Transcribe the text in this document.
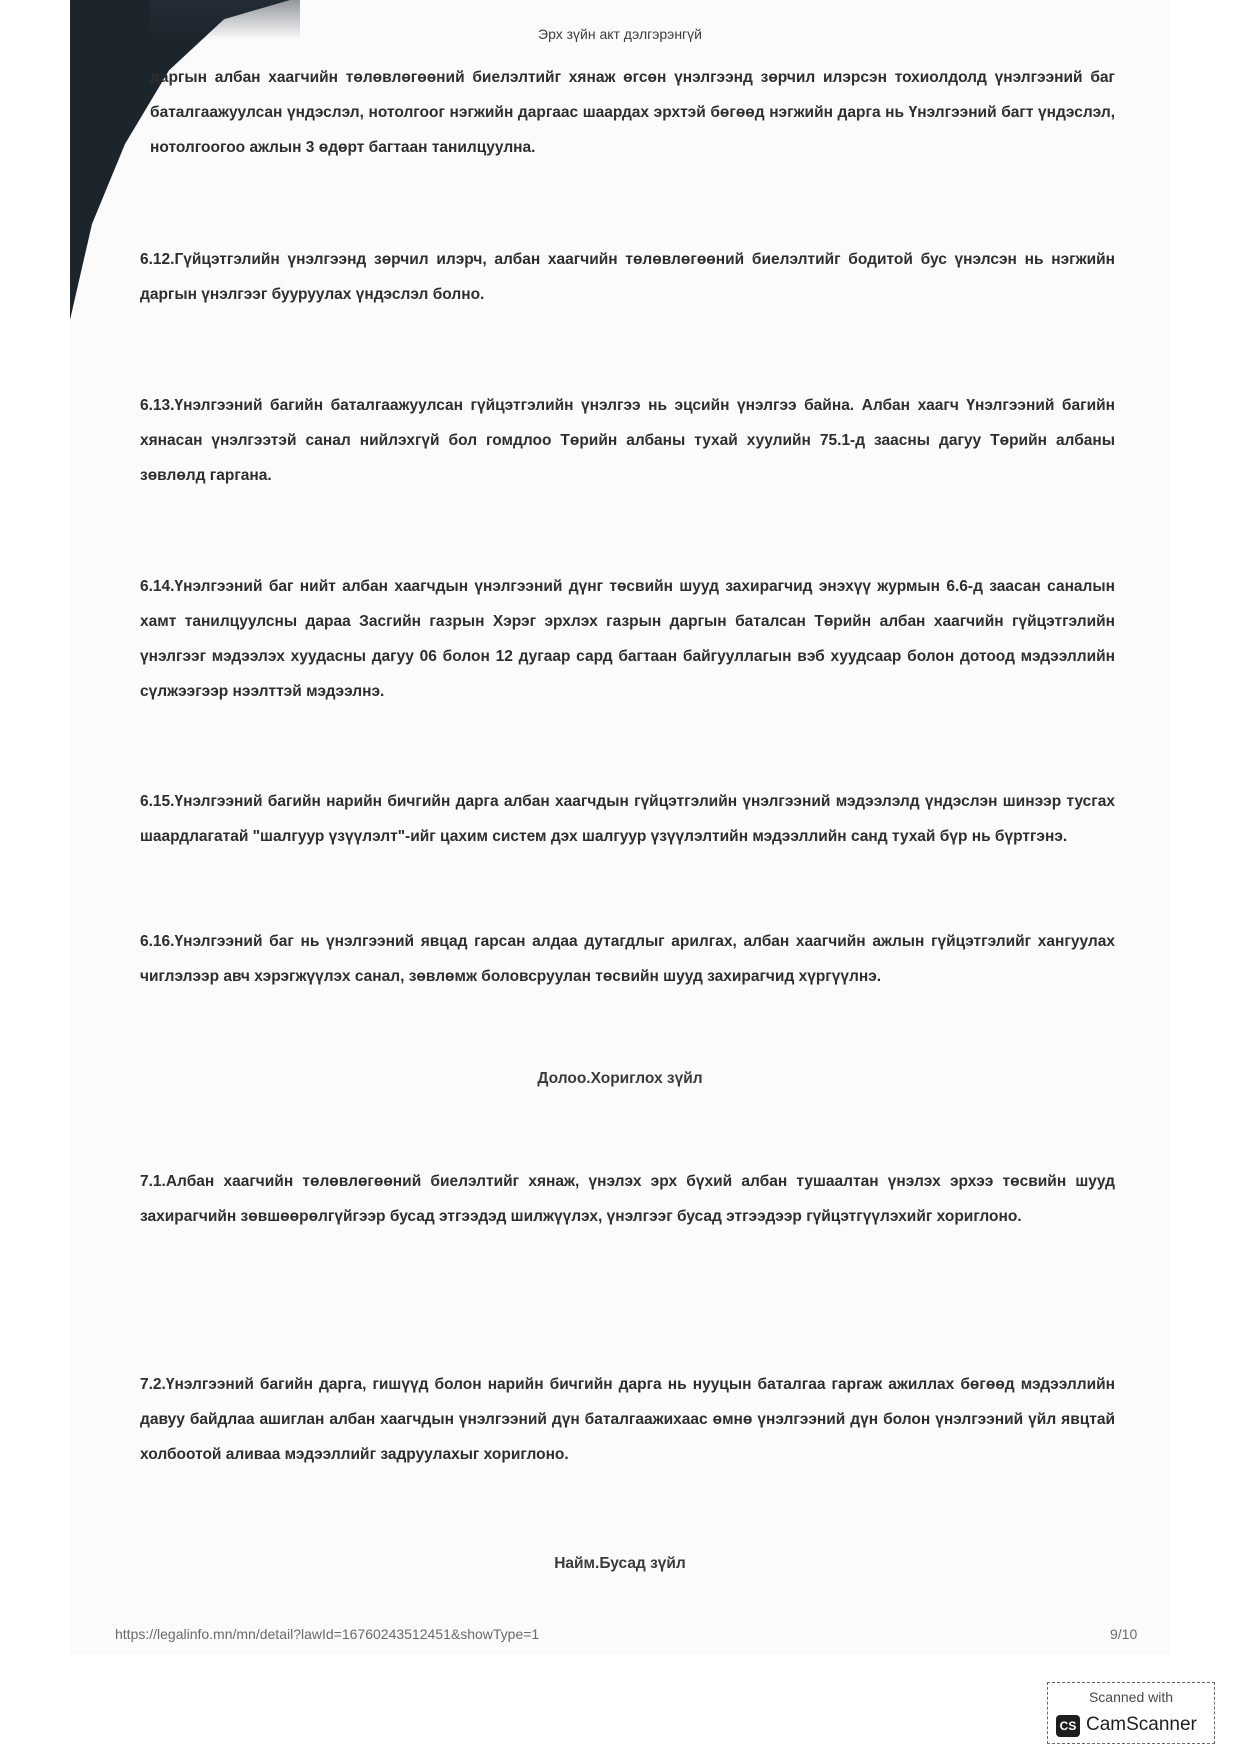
Эрх зүйн акт дэлгэрэнгүй
даргын албан хаагчийн төлөвлөгөөний биелэлтийг хянаж өгсөн үнэлгээнд зөрчил илэрсэн тохиолдолд үнэлгээний баг баталгаажуулсан үндэслэл, нотолгоог нэгжийн даргаас шаардах эрхтэй бөгөөд нэгжийн дарга нь Үнэлгээний багт үндэслэл, нотолгоогоо ажлын 3 өдөрт багтаан танилцуулна.
6.12.Гүйцэтгэлийн үнэлгээнд зөрчил илэрч, албан хаагчийн төлөвлөгөөний биелэлтийг бодитой бус үнэлсэн нь нэгжийн даргын үнэлгээг бууруулах үндэслэл болно.
6.13.Үнэлгээний багийн баталгаажуулсан гүйцэтгэлийн үнэлгээ нь эцсийн үнэлгээ байна. Албан хаагч Үнэлгээний багийн хянасан үнэлгээтэй санал нийлэхгүй бол гомдлоо Төрийн албаны тухай хуулийн 75.1-д заасны дагуу Төрийн албаны зөвлөлд гаргана.
6.14.Үнэлгээний баг нийт албан хаагчдын үнэлгээний дүнг төсвийн шууд захирагчид энэхүү журмын 6.6-д заасан саналын хамт танилцуулсны дараа Засгийн газрын Хэрэг эрхлэх газрын даргын баталсан Төрийн албан хаагчийн гүйцэтгэлийн үнэлгээг мэдээлэх хуудасны дагуу 06 болон 12 дугаар сард багтаан байгууллагын вэб хуудсаар болон дотоод мэдээллийн сүлжээгээр нээлттэй мэдээлнэ.
6.15.Үнэлгээний багийн нарийн бичгийн дарга албан хаагчдын гүйцэтгэлийн үнэлгээний мэдээлэлд үндэслэн шинээр тусгах шаардлагатай "шалгуур үзүүлэлт"-ийг цахим систем дэх шалгуур үзүүлэлтийн мэдээллийн санд тухай бүр нь бүртгэнэ.
6.16.Үнэлгээний баг нь үнэлгээний явцад гарсан алдаа дутагдлыг арилгах, албан хаагчийн ажлын гүйцэтгэлийг хангуулах чиглэлээр авч хэрэгжүүлэх санал, зөвлөмж боловсруулан төсвийн шууд захирагчид хүргүүлнэ.
Долоо.Хориглох зүйл
7.1.Албан хаагчийн төлөвлөгөөний биелэлтийг хянаж, үнэлэх эрх бүхий албан тушаалтан үнэлэх эрхээ төсвийн шууд захирагчийн зөвшөөрөлгүйгээр бусад этгээдэд шилжүүлэх, үнэлгээг бусад этгээдээр гүйцэтгүүлэхийг хориглоно.
7.2.Үнэлгээний багийн дарга, гишүүд болон нарийн бичгийн дарга нь нууцын баталгаа гаргаж ажиллах бөгөөд мэдээллийн давуу байдлаа ашиглан албан хаагчдын үнэлгээний дүн баталгаажихаас өмнө үнэлгээний дүн болон үнэлгээний үйл явцтай холбоотой аливаа мэдээллийг задруулахыг хориглоно.
Найм.Бусад зүйл
https://legalinfo.mn/mn/detail?lawId=16760243512451&showType=1	9/10
Scanned with
CS CamScanner
